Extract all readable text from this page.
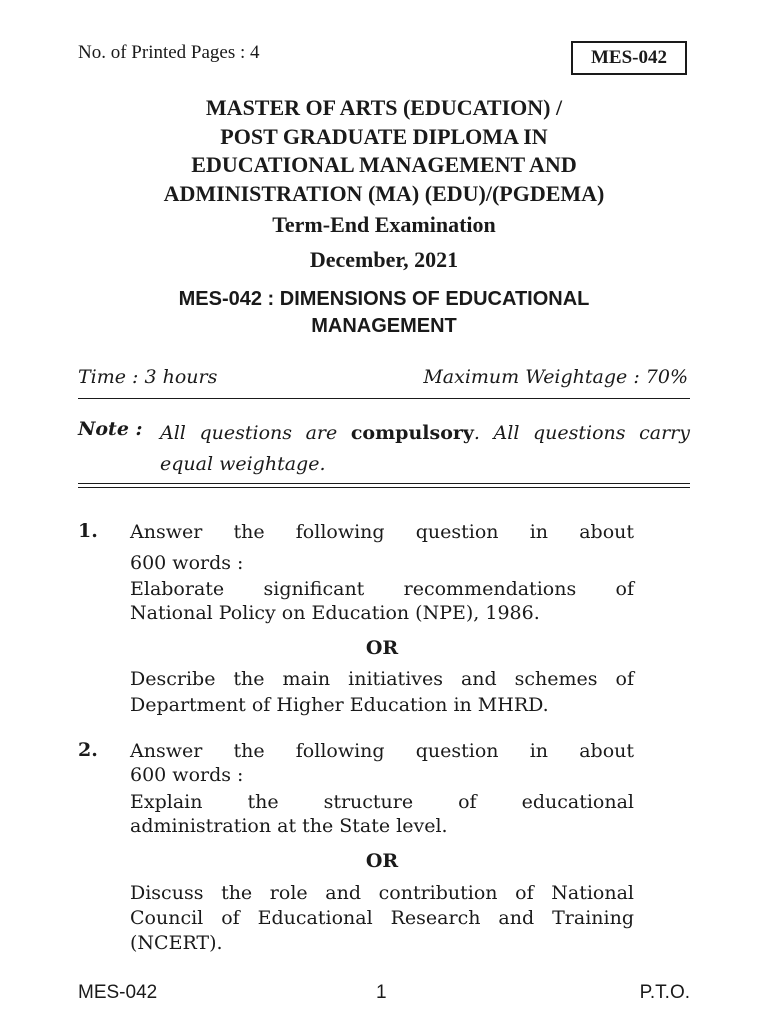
No. of Printed Pages : 4	MES-042
MASTER OF ARTS (EDUCATION) /
POST GRADUATE DIPLOMA IN
EDUCATIONAL MANAGEMENT AND
ADMINISTRATION (MA) (EDU)/(PGDEMA)
Term-End Examination
December, 2021
MES-042 : DIMENSIONS OF EDUCATIONAL
MANAGEMENT
Time : 3 hours	Maximum Weightage : 70%
Note : All questions are compulsory. All questions carry
equal weightage.
1. Answer the following question in about
600 words :
Elaborate significant recommendations of
National Policy on Education (NPE), 1986.
OR
Describe the main initiatives and schemes of
Department of Higher Education in MHRD.
2. Answer the following question in about
600 words :
Explain the structure of educational
administration at the State level.
OR
Discuss the role and contribution of National
Council of Educational Research and Training
(NCERT).
MES-042	1	P.T.O.
